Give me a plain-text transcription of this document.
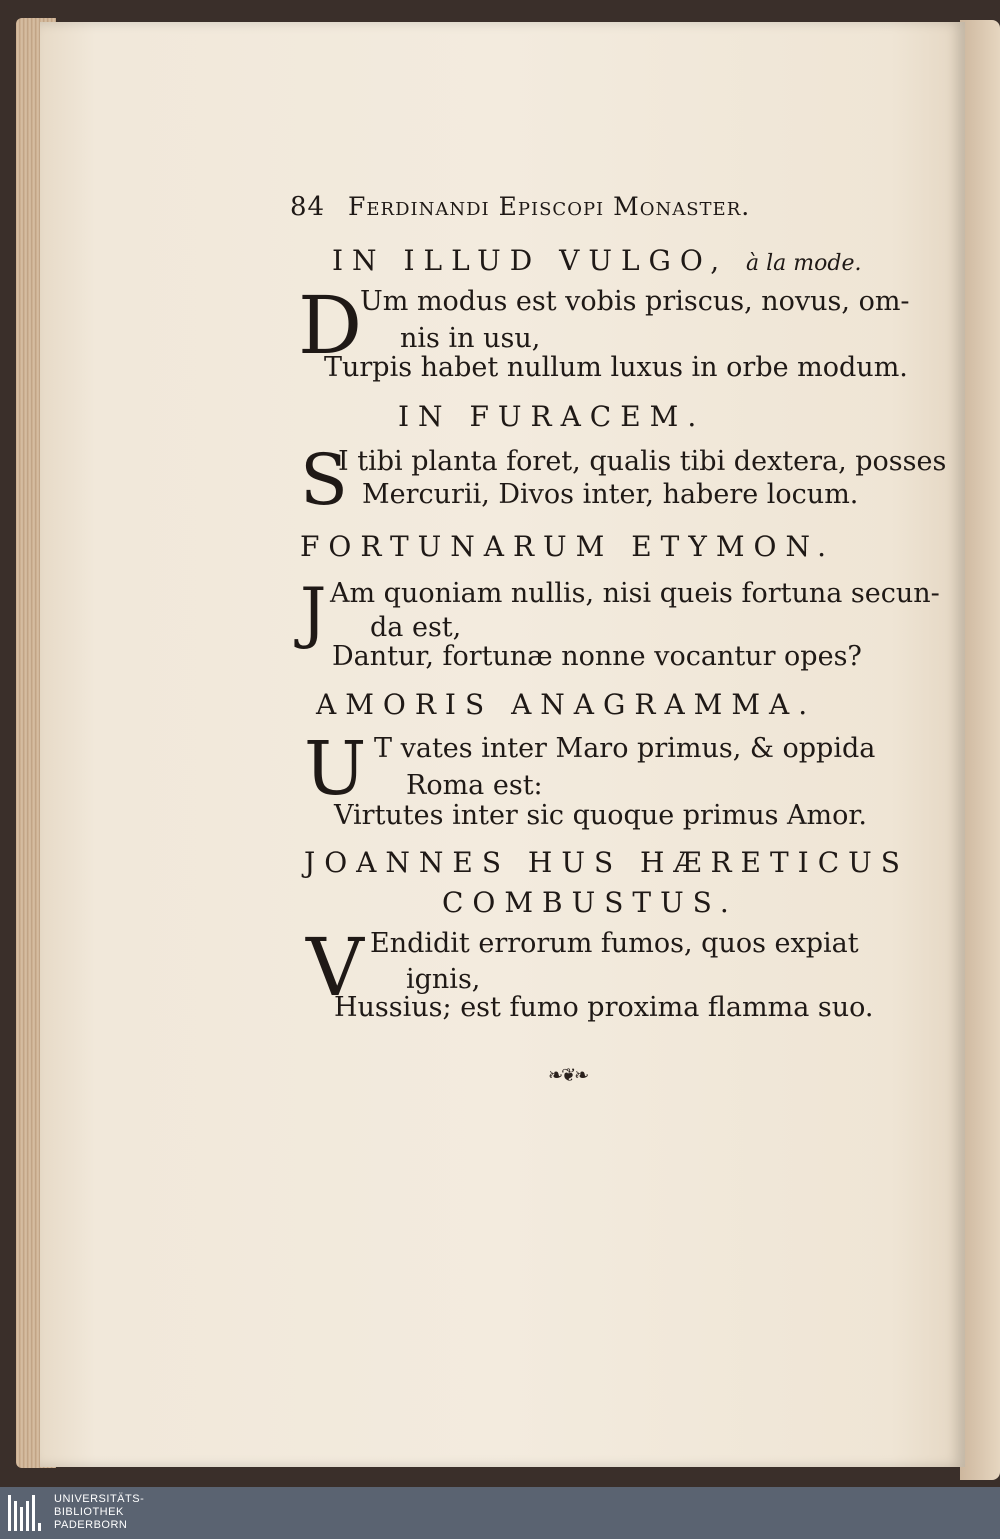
84 Ferdinandi Episcopi Monaster.
IN ILLUD VULGO, à la mode.
D
Um modus est vobis priscus, novus, om-
nis in usu,
Turpis habet nullum luxus in orbe modum.
IN FURACEM.
S
I tibi planta foret, qualis tibi dextera, posses
Mercurii, Divos inter, habere locum.
FORTUNARUM ETYMON.
J Am quoniam nullis, nisi queis fortuna secun-
da est,
Dantur, fortunæ nonne vocantur opes?
AMORIS ANAGRAMMA.
U T vates inter Maro primus, & oppida
Roma est:
Virtutes inter sic quoque primus Amor.
JOANNES HUS HÆRETICUS
COMBUSTUS.
V Endidit errorum fumos, quos expiat
ignis,
Hussius; est fumo proxima flamma suo.
❧❦❧
UNIVERSITÄTS-
BIBLIOTHEK
PADERBORN
